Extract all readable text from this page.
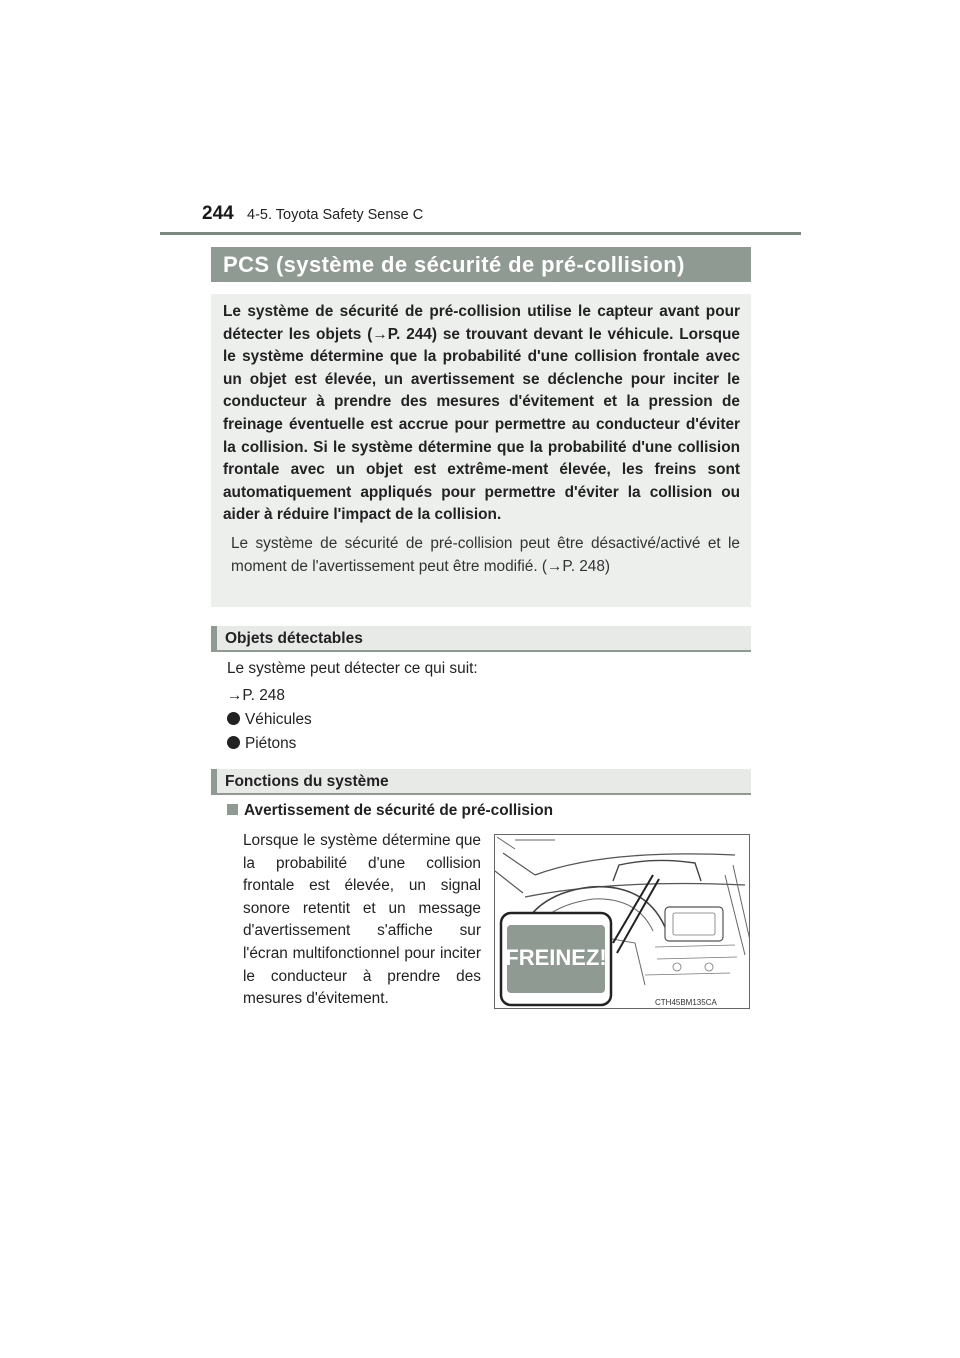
244 4-5. Toyota Safety Sense C
PCS (système de sécurité de pré-collision)

Le système de sécurité de pré-collision utilise le capteur avant pour détecter les objets (→P. 244) se trouvant devant le véhicule. Lorsque le système détermine que la probabilité d'une collision frontale avec un objet est élevée, un avertissement se déclenche pour inciter le conducteur à prendre des mesures d'évitement et la pression de freinage éventuelle est accrue pour permettre au conducteur d'éviter la collision. Si le système détermine que la probabilité d'une collision frontale avec un objet est extrême-ment élevée, les freins sont automatiquement appliqués pour permettre d'éviter la collision ou aider à réduire l'impact de la collision.

Le système de sécurité de pré-collision peut être désactivé/activé et le moment de l'avertissement peut être modifié. (→P. 248)

Objets détectables
Le système peut détecter ce qui suit:
→P. 248
Véhicules
Piétons
Fonctions du système
Avertissement de sécurité de pré-collision
Lorsque le système détermine que la probabilité d'une collision frontale est élevée, un signal sonore retentit et un message d'avertissement s'affiche sur l'écran multifonctionnel pour inciter le conducteur à prendre des mesures d'évitement.
FREINEZ!
CTH45BM135CA
